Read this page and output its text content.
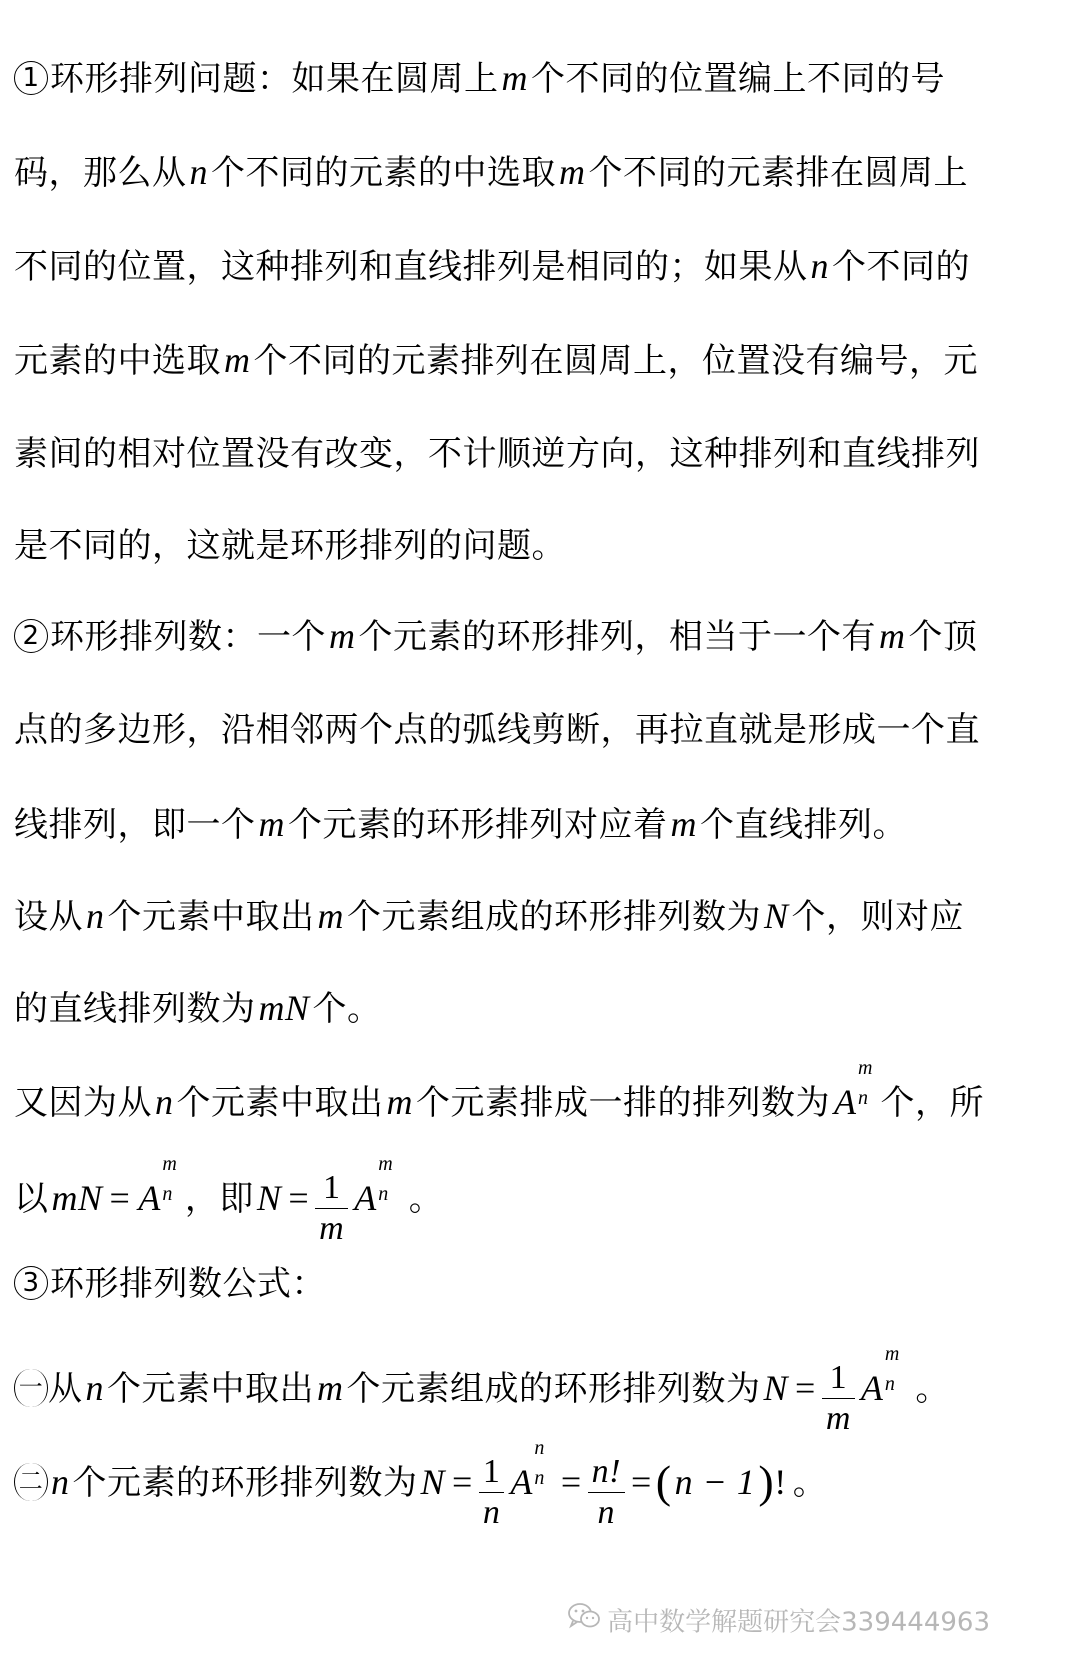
1 环形排列问题：如果在圆周上m个不同的位置编上不同的号
码，那么从n个不同的元素的中选取m个不同的元素排在圆周上
不同的位置，这种排列和直线排列是相同的；如果从n个不同的
元素的中选取m个不同的元素排列在圆周上，位置没有编号，元
素间的相对位置没有改变，不计顺逆方向，这种排列和直线排列
是不同的，这就是环形排列的问题。
2 环形排列数：一个m个元素的环形排列，相当于一个有m个顶
点的多边形，沿相邻两个点的弧线剪断，再拉直就是形成一个直
线排列，即一个m个元素的环形排列对应着m个直线排列。
设从n个元素中取出m个元素组成的环形排列数为N个，则对应
的直线排列数为mN个。
又因为从n个元素中取出m个元素排成一排的排列数为 A
m
n 个，所
以mN = A
m
n ，即$N = \frac{1}{m}$ A
m
n 。
3 环形排列数公式：
一 从n个元素中取出m个元素组成的环形排列数为$N = \frac{1}{m}$ A
m
n 。
二 n个元素的环形排列数为$N = \frac{1}{n}$ A
n
$n = \frac{n!}{n} =(n - 1)$! 。
高中数学解题研究会339444963
